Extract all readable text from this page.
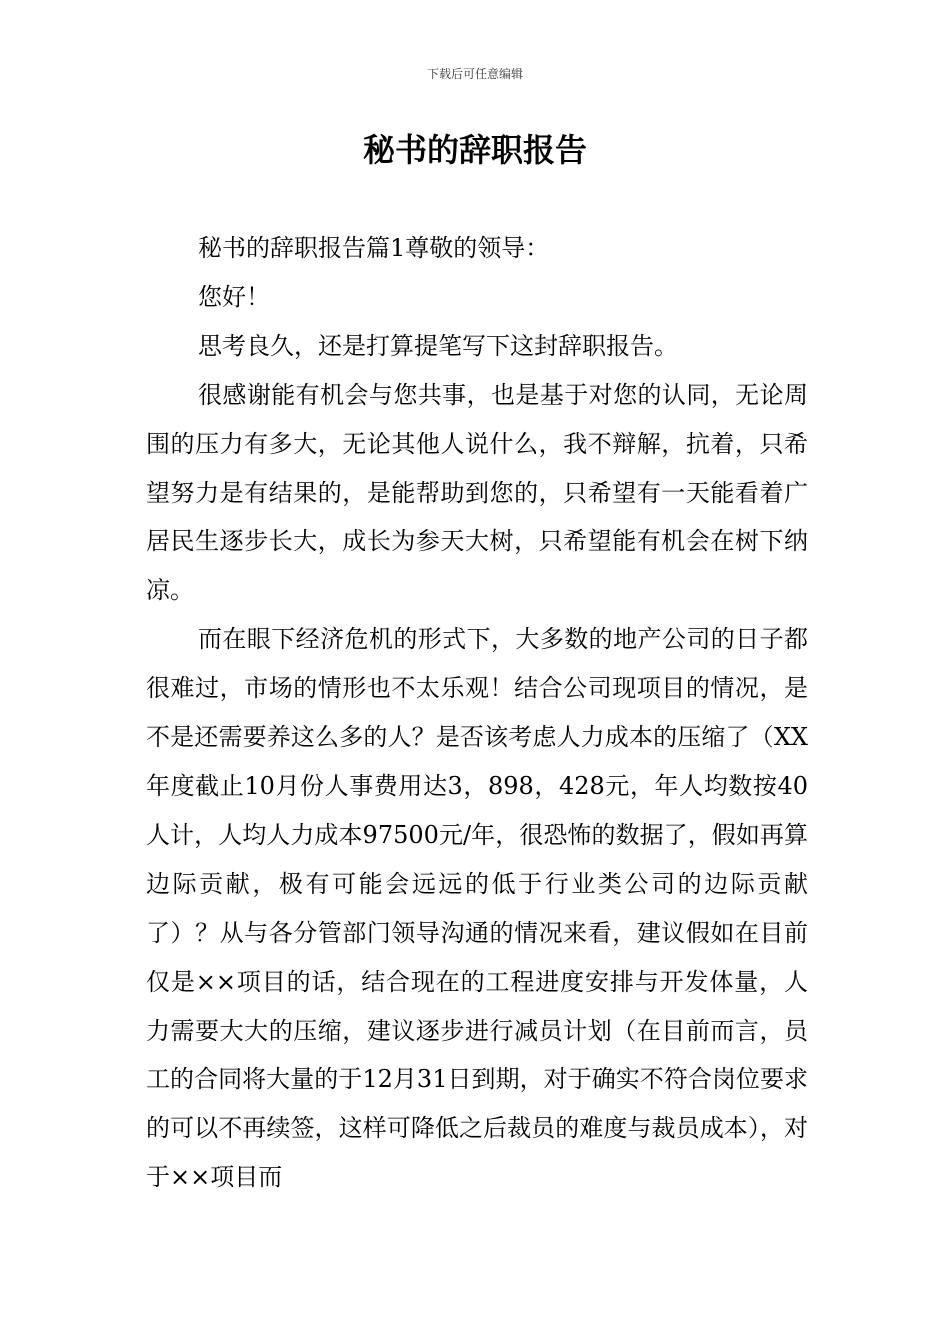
下载后可任意编辑
秘书的辞职报告

秘书的辞职报告篇1尊敬的领导：

您好！

思考良久，还是打算提笔写下这封辞职报告。

很感谢能有机会与您共事，也是基于对您的认同，无论周围的压力有多大，无论其他人说什么，我不辩解，抗着，只希望努力是有结果的，是能帮助到您的，只希望有一天能看着广居民生逐步长大，成长为参天大树，只希望能有机会在树下纳凉。

而在眼下经济危机的形式下，大多数的地产公司的日子都很难过，市场的情形也不太乐观！结合公司现项目的情况，是不是还需要养这么多的人？是否该考虑人力成本的压缩了（XX年度截止10月份人事费用达3，898，428元，年人均数按40人计，人均人力成本97500元/年，很恐怖的数据了，假如再算边际贡献，极有可能会远远的低于行业类公司的边际贡献了）？从与各分管部门领导沟通的情况来看，建议假如在目前仅是××项目的话，结合现在的工程进度安排与开发体量，人力需要大大的压缩，建议逐步进行减员计划（在目前而言，员工的合同将大量的于12月31日到期，对于确实不符合岗位要求的可以不再续签，这样可降低之后裁员的难度与裁员成本），对于××项目而
